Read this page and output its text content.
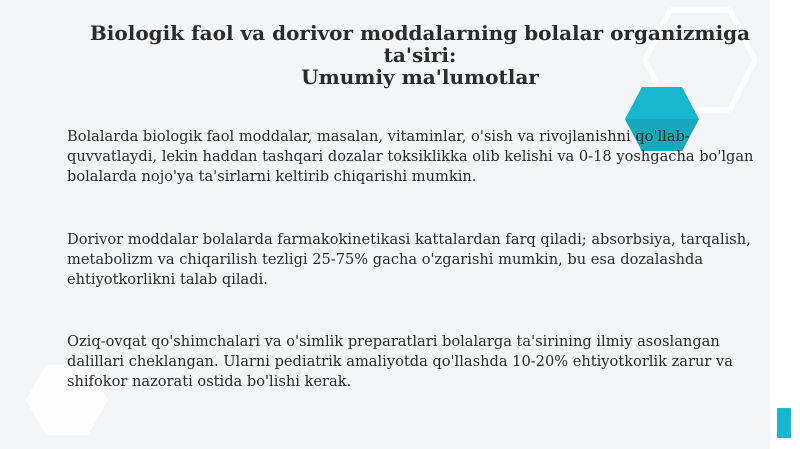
Biologik faol va dorivor moddalarning bolalar organizmiga ta'siri:
Umumiy ma'lumotlar

Bolalarda biologik faol moddalar, masalan, vitaminlar, o'sish va rivojlanishni qo'llab-quvvatlaydi, lekin haddan tashqari dozalar toksiklikka olib kelishi va 0-18 yoshgacha bo'lgan bolalarda nojo'ya ta'sirlarni keltirib chiqarishi mumkin.

Dorivor moddalar bolalarda farmakokinetikasi kattalardan farq qiladi; absorbsiya, tarqalish, metabolizm va chiqarilish tezligi 25-75% gacha o'zgarishi mumkin, bu esa dozalashda ehtiyotkorlikni talab qiladi.

Oziq-ovqat qo'shimchalari va o'simlik preparatlari bolalarga ta'sirining ilmiy asoslangan dalillari cheklangan. Ularni pediatrik amaliyotda qo'llashda 10-20% ehtiyotkorlik zarur va shifokor nazorati ostida bo'lishi kerak.
